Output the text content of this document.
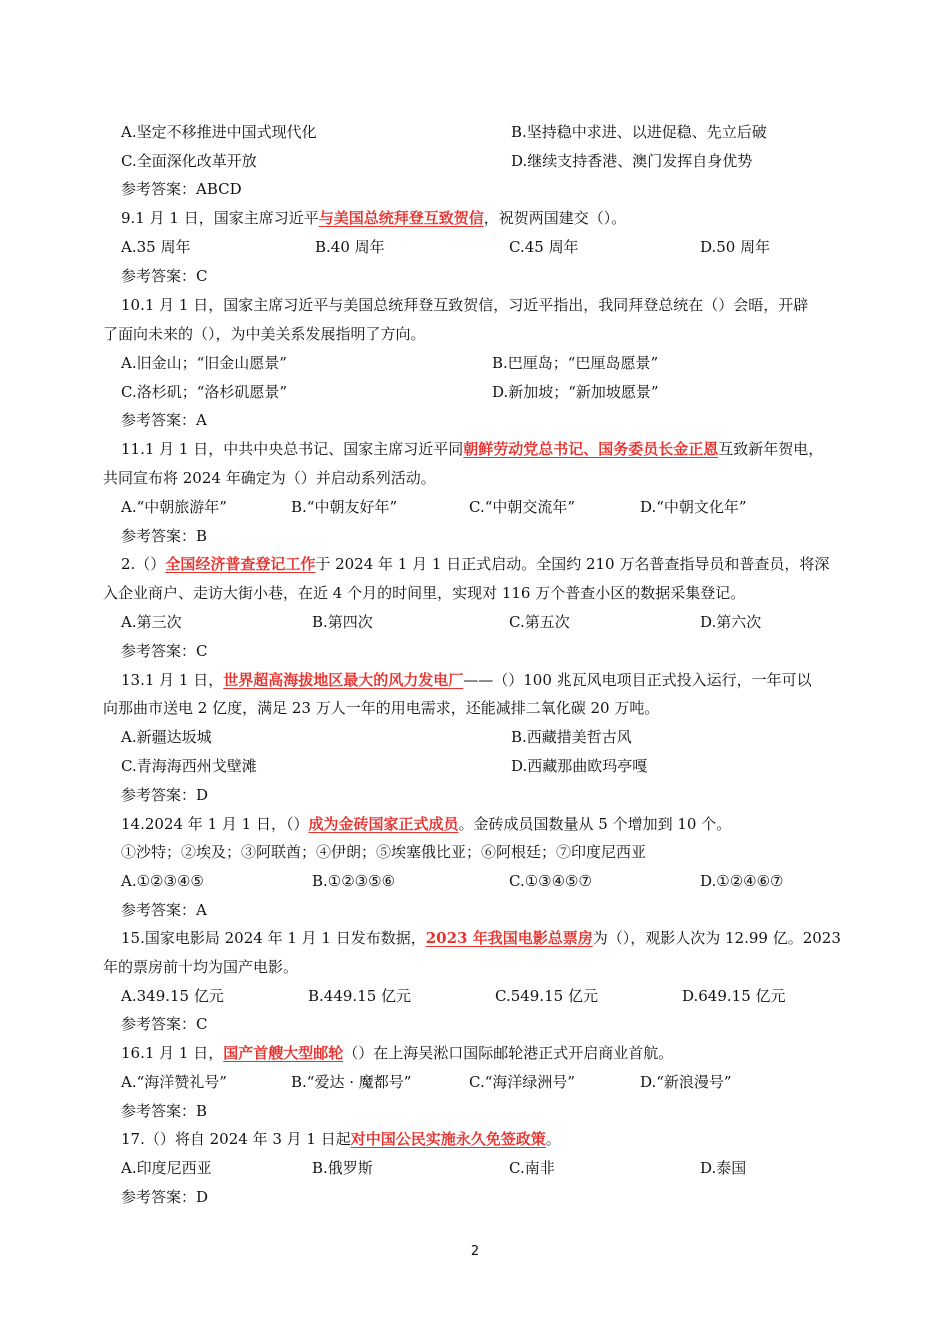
A.坚定不移推进中国式现代化	B.坚持稳中求进、以进促稳、先立后破
C.全面深化改革开放	D.继续支持香港、澳门发挥自身优势
参考答案：ABCD
9.1 月 1 日，国家主席习近平与美国总统拜登互致贺信，祝贺两国建交（）。
A.35 周年	B.40 周年	C.45 周年	D.50 周年
参考答案：C
10.1 月 1 日，国家主席习近平与美国总统拜登互致贺信，习近平指出，我同拜登总统在（）会晤，开辟
了面向未来的（），为中美关系发展指明了方向。
A.旧金山；“旧金山愿景”	B.巴厘岛；“巴厘岛愿景”
C.洛杉矶；“洛杉矶愿景”	D.新加坡；“新加坡愿景”
参考答案：A
11.1 月 1 日，中共中央总书记、国家主席习近平同朝鲜劳动党总书记、国务委员长金正恩互致新年贺电，
共同宣布将 2024 年确定为（）并启动系列活动。
A.“中朝旅游年”	B.“中朝友好年”	C.“中朝交流年”	D.“中朝文化年”
参考答案：B
2.（）全国经济普查登记工作于 2024 年 1 月 1 日正式启动。全国约 210 万名普查指导员和普查员，将深
入企业商户、走访大街小巷，在近 4 个月的时间里，实现对 116 万个普查小区的数据采集登记。
A.第三次	B.第四次	C.第五次	D.第六次
参考答案：C
13.1 月 1 日，世界超高海拔地区最大的风力发电厂——（）100 兆瓦风电项目正式投入运行，一年可以
向那曲市送电 2 亿度，满足 23 万人一年的用电需求，还能减排二氧化碳 20 万吨。
A.新疆达坂城	B.西藏措美哲古风
C.青海海西州戈壁滩	D.西藏那曲欧玛亭嘎
参考答案：D
14.2024 年 1 月 1 日，（）成为金砖国家正式成员。金砖成员国数量从 5 个增加到 10 个。
①沙特；②埃及；③阿联酋；④伊朗；⑤埃塞俄比亚；⑥阿根廷；⑦印度尼西亚
A.①②③④⑤	B.①②③⑤⑥	C.①③④⑤⑦	D.①②④⑥⑦
参考答案：A
15.国家电影局 2024 年 1 月 1 日发布数据，2023 年我国电影总票房为（），观影人次为 12.99 亿。2023
年的票房前十均为国产电影。
A.349.15 亿元	B.449.15 亿元	C.549.15 亿元	D.649.15 亿元
参考答案：C
16.1 月 1 日，国产首艘大型邮轮（）在上海吴淞口国际邮轮港正式开启商业首航。
A.“海洋赞礼号”	B.“爱达 · 魔都号”	C.“海洋绿洲号”	D.“新浪漫号”
参考答案：B
17.（）将自 2024 年 3 月 1 日起对中国公民实施永久免签政策。
A.印度尼西亚	B.俄罗斯	C.南非	D.泰国
参考答案：D
2
